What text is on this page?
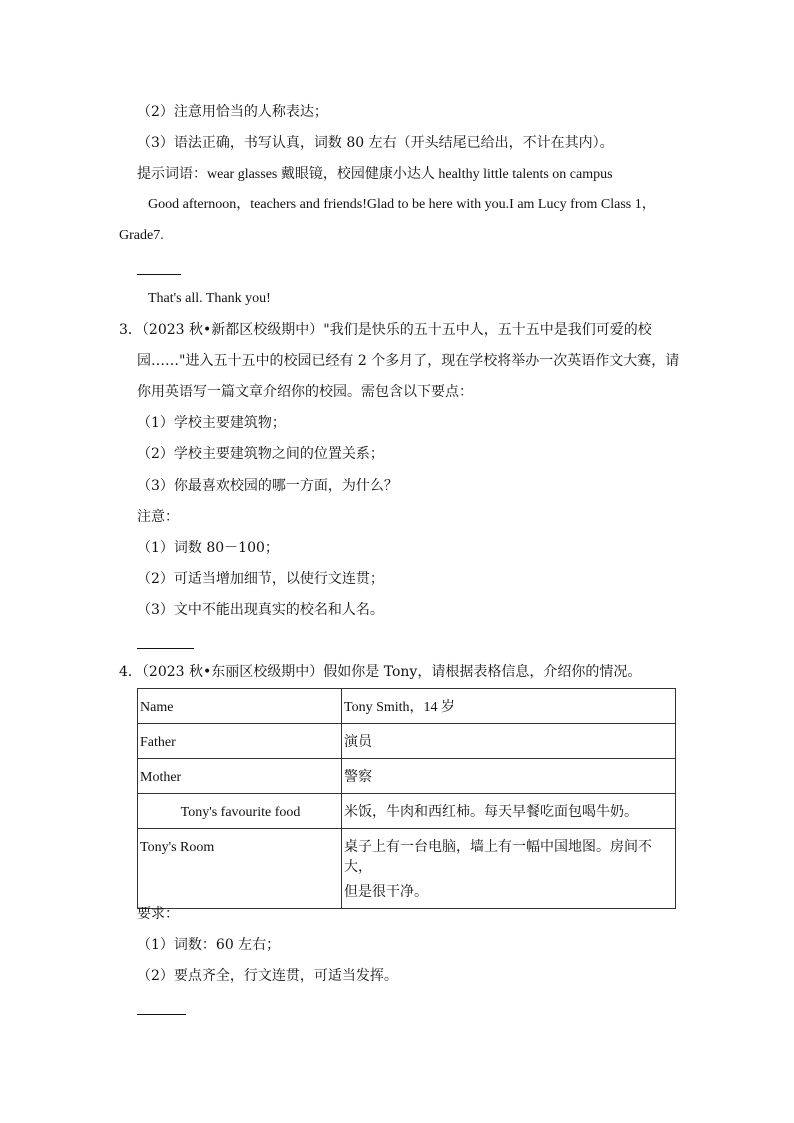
（2）注意用恰当的人称表达；
（3）语法正确，书写认真，词数 80 左右（开头结尾已给出，不计在其内）。
提示词语：wear glasses 戴眼镜，校园健康小达人 healthy little talents on campus
Good afternoon，teachers and friends!Glad to be here with you.I am Lucy from Class 1，
Grade7.
That's all. Thank you!
3．（2023 秋•新都区校级期中）"我们是快乐的五十五中人，五十五中是我们可爱的校
园……"进入五十五中的校园已经有 2 个多月了，现在学校将举办一次英语作文大赛，请
你用英语写一篇文章介绍你的校园。需包含以下要点：
（1）学校主要建筑物；
（2）学校主要建筑物之间的位置关系；
（3）你最喜欢校园的哪一方面，为什么？
注意：
（1）词数 80－100；
（2）可适当增加细节，以使行文连贯；
（3）文中不能出现真实的校名和人名。
4．（2023 秋•东丽区校级期中）假如你是 Tony，请根据表格信息，介绍你的情况。
Name	Tony Smith，14 岁
Father	演员
Mother	警察
Tony's favourite food	米饭，牛肉和西红柿。每天早餐吃面包喝牛奶。
Tony's Room	桌子上有一台电脑，墙上有一幅中国地图。房间不大，
但是很干净。
要求：
（1）词数：60 左右；
（2）要点齐全，行文连贯，可适当发挥。
